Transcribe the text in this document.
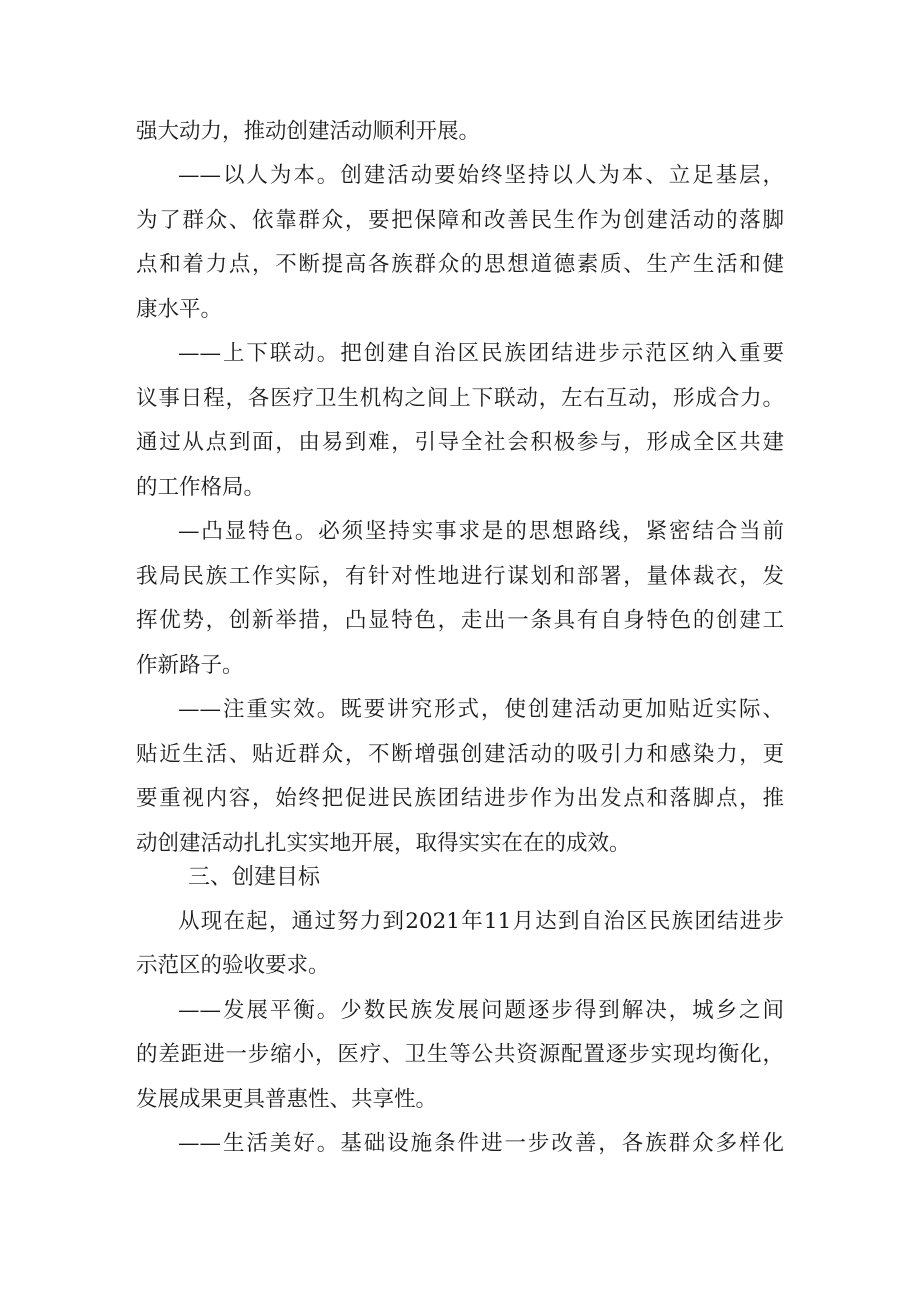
强大动力，推动创建活动顺利开展。
——以人为本。创建活动要始终坚持以人为本、立足基层，
为了群众、依靠群众，要把保障和改善民生作为创建活动的落脚
点和着力点，不断提高各族群众的思想道德素质、生产生活和健
康水平。
——上下联动。把创建自治区民族团结进步示范区纳入重要
议事日程，各医疗卫生机构之间上下联动，左右互动，形成合力。
通过从点到面，由易到难，引导全社会积极参与，形成全区共建
的工作格局。
—凸显特色。必须坚持实事求是的思想路线，紧密结合当前
我局民族工作实际，有针对性地进行谋划和部署，量体裁衣，发
挥优势，创新举措，凸显特色，走出一条具有自身特色的创建工
作新路子。
——注重实效。既要讲究形式，使创建活动更加贴近实际、
贴近生活、贴近群众，不断增强创建活动的吸引力和感染力，更
要重视内容，始终把促进民族团结进步作为出发点和落脚点，推
动创建活动扎扎实实地开展，取得实实在在的成效。
三、创建目标
从现在起，通过努力到2021年11月达到自治区民族团结进步
示范区的验收要求。
——发展平衡。少数民族发展问题逐步得到解决，城乡之间
的差距进一步缩小，医疗、卫生等公共资源配置逐步实现均衡化，
发展成果更具普惠性、共享性。
——生活美好。基础设施条件进一步改善，各族群众多样化
